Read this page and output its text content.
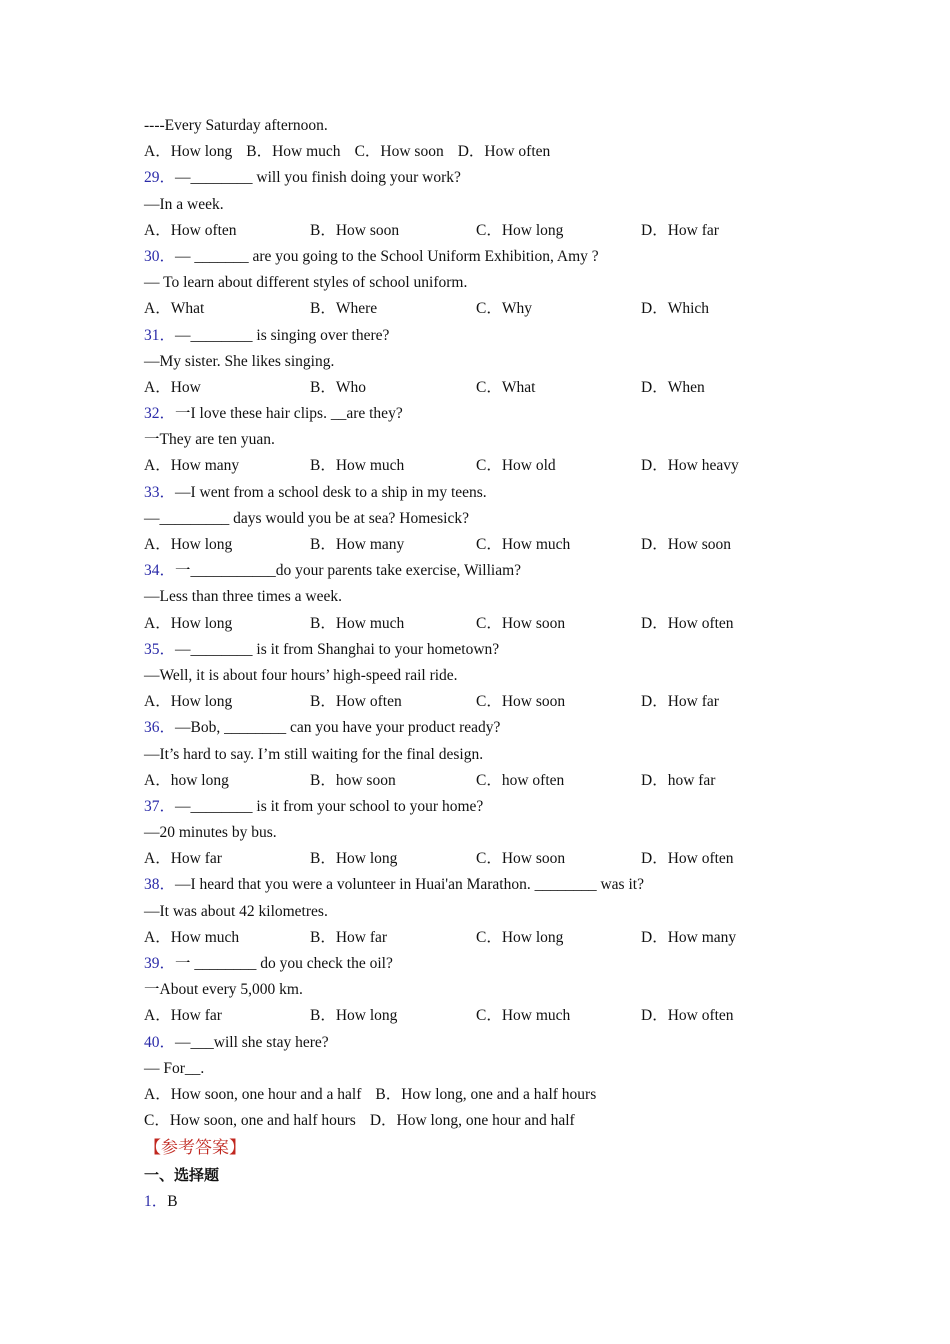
----Every Saturday afternoon.
A．How long B．How much C．How soon D．How often
29．—________ will you finish doing your work?
—In a week.
A．How often	B．How soon	C．How long	D．How far
30．— _______ are you going to the School Uniform Exhibition, Amy ?
— To learn about different styles of school uniform.
A．What	B．Where	C．Why	D．Which
31．—________ is singing over there?
—My sister. She likes singing.
A．How	B．Who	C．What	D．When
32．一I love these hair clips. __are they?
一They are ten yuan.
A．How many	B．How much	C．How old	D．How heavy
33．—I went from a school desk to a ship in my teens.
—_________ days would you be at sea? Homesick?
A．How long	B．How many	C．How much	D．How soon
34．一___________do your parents take exercise, William?
—Less than three times a week.
A．How long	B．How much	C．How soon	D．How often
35．—________ is it from Shanghai to your hometown?
—Well, it is about four hours’ high-speed rail ride.
A．How long	B．How often	C．How soon	D．How far
36．—Bob, ________ can you have your product ready?
—It’s hard to say. I’m still waiting for the final design.
A．how long	B．how soon	C．how often	D．how far
37．—________ is it from your school to your home?
—20 minutes by bus.
A．How far	B．How long	C．How soon	D．How often
38．—I heard that you were a volunteer in Huai'an Marathon. ________ was it?
—It was about 42 kilometres.
A．How much	B．How far	C．How long	D．How many
39．一 ________ do you check the oil?
一About every 5,000 km.
A．How far	B．How long	C．How much	D．How often
40．—___will she stay here?
— For__.
A．How soon, one hour and a half B．How long, one and a half hours
C．How soon, one and half hours D．How long, one hour and half
【参考答案】
一、选择题
1．B
